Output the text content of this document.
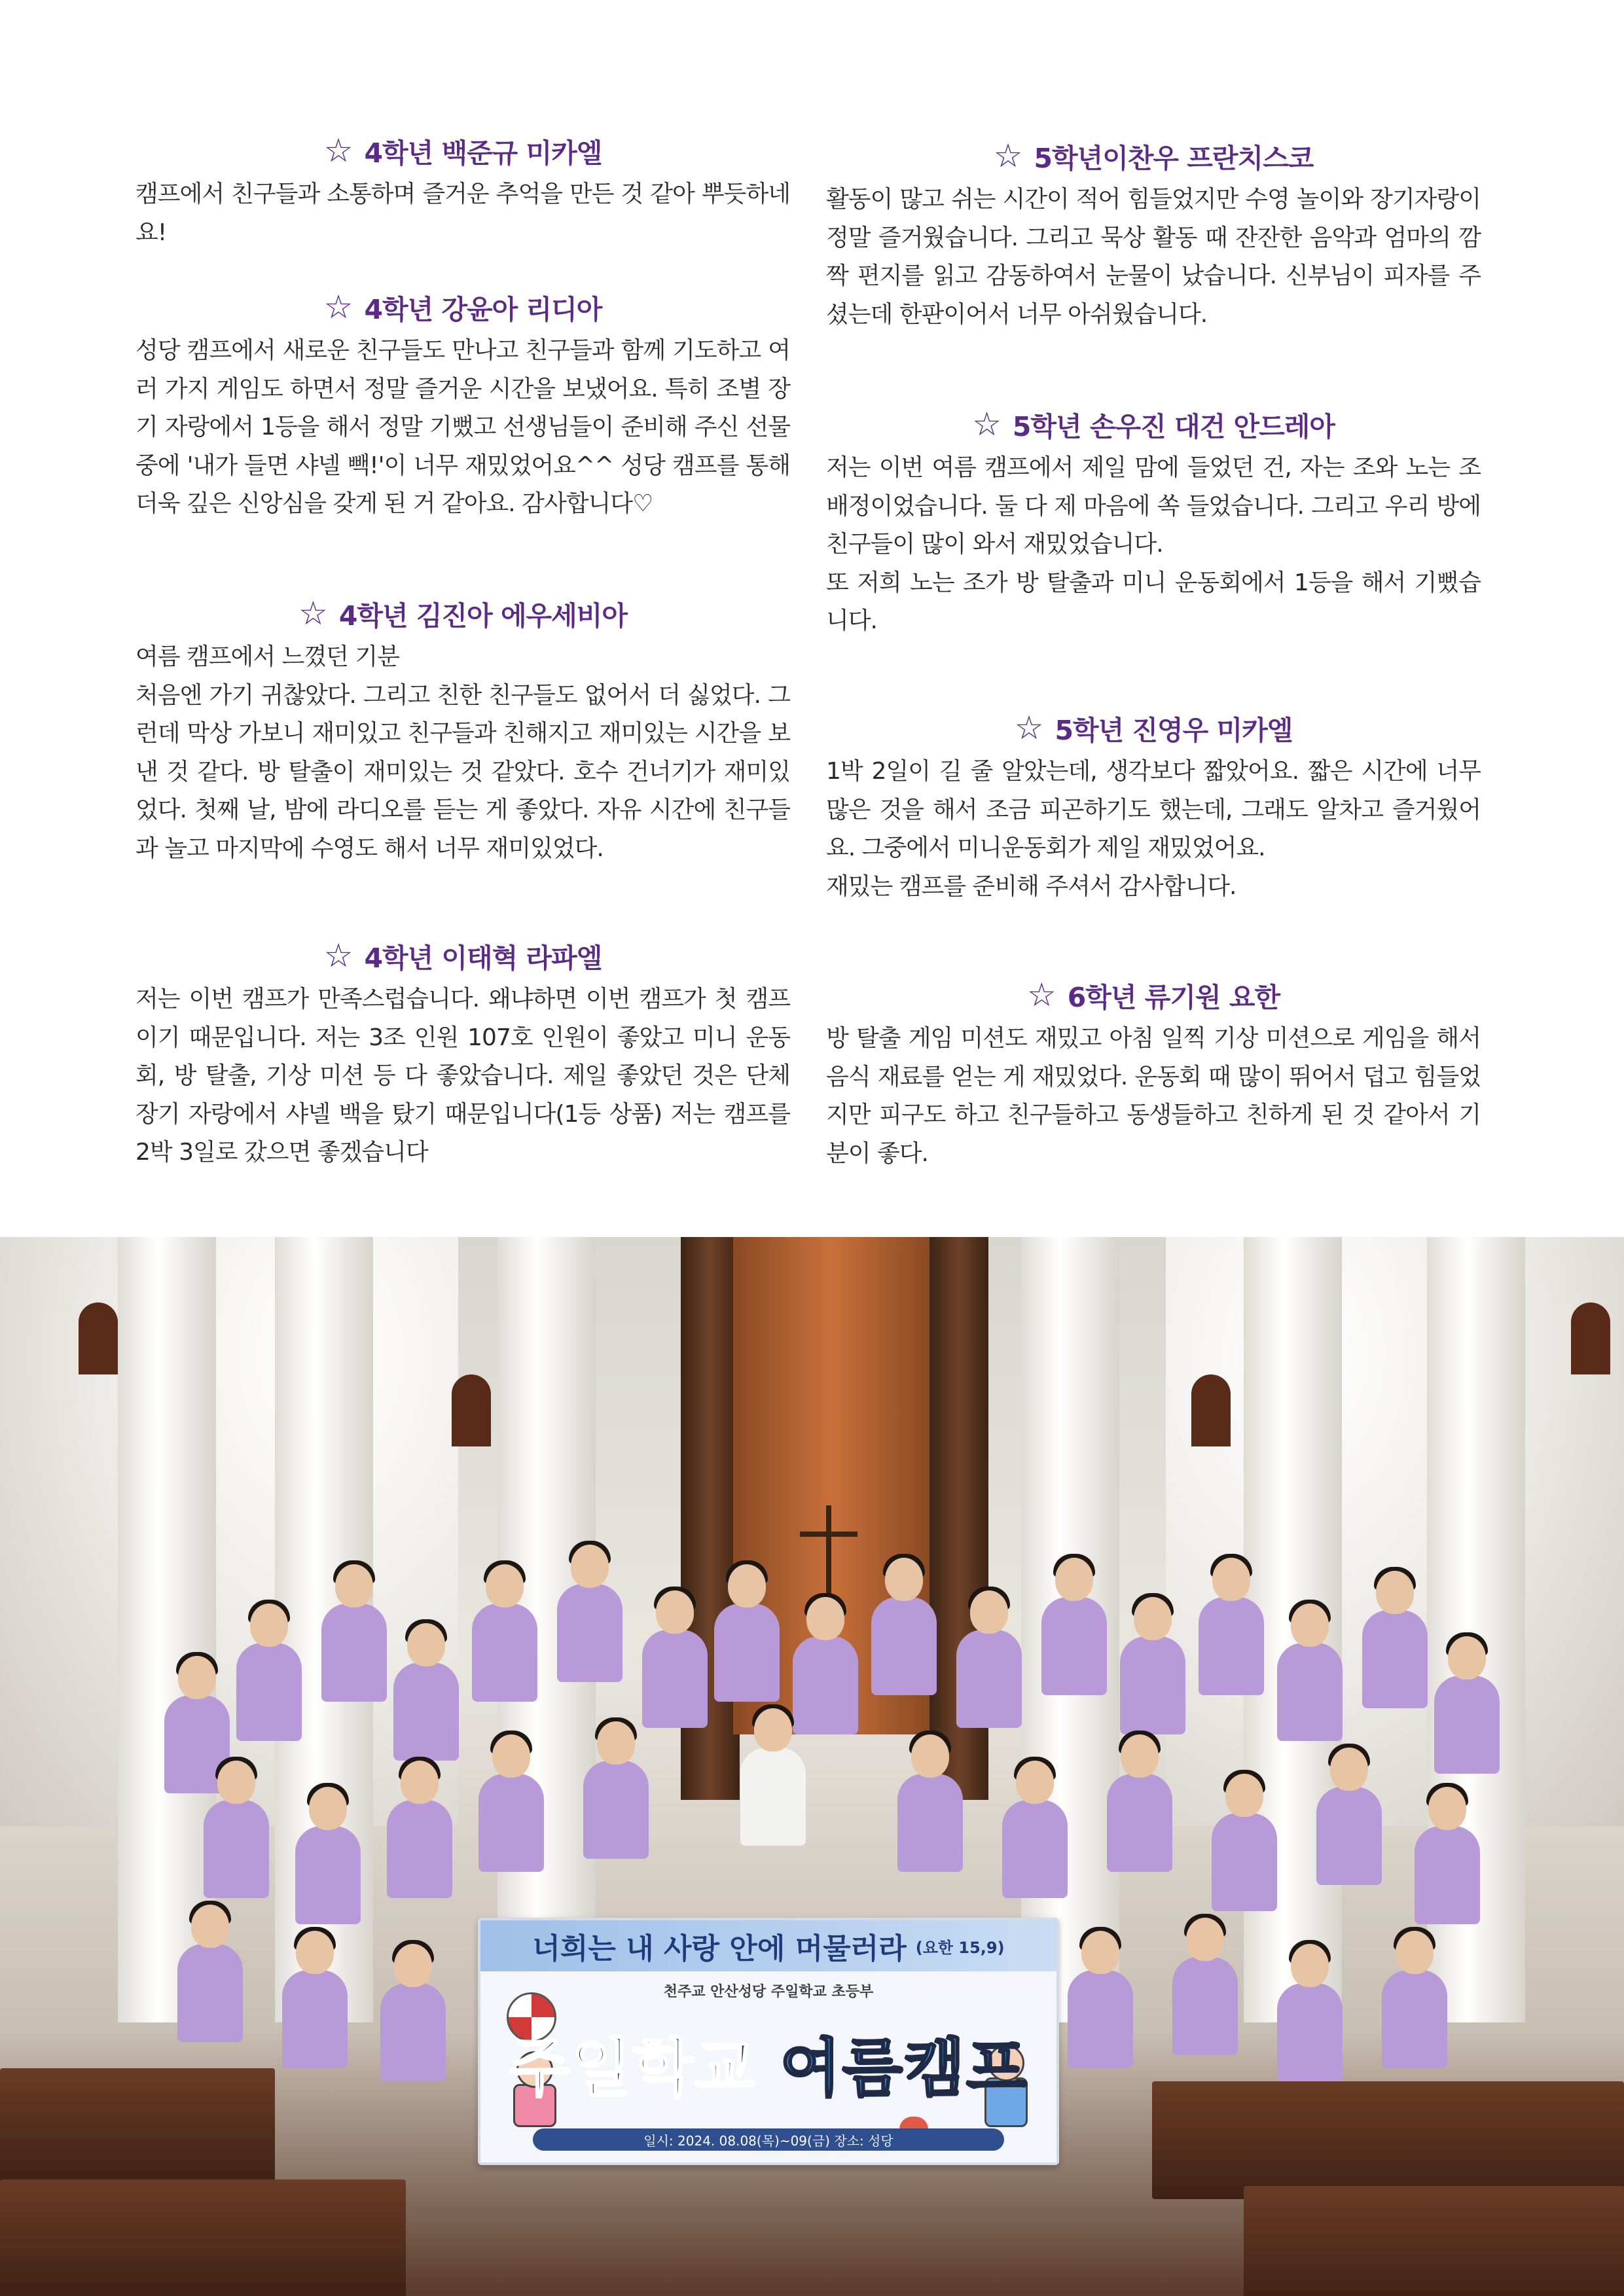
☆ 4학년 백준규 미카엘

캠프에서 친구들과 소통하며 즐거운 추억을 만든 것 같아 뿌듯하네요!

☆ 4학년 강윤아 리디아

성당 캠프에서 새로운 친구들도 만나고 친구들과 함께 기도하고 여러 가지 게임도 하면서 정말 즐거운 시간을 보냈어요. 특히 조별 장기 자랑에서 1등을 해서 정말 기뻤고 선생님들이 준비해 주신 선물 중에 '내가 들면 샤넬 빽!'이 너무 재밌었어요^^ 성당 캠프를 통해 더욱 깊은 신앙심을 갖게 된 거 같아요. 감사합니다♡

☆ 4학년 김진아 에우세비아

여름 캠프에서 느꼈던 기분

처음엔 가기 귀찮았다. 그리고 친한 친구들도 없어서 더 싫었다. 그런데 막상 가보니 재미있고 친구들과 친해지고 재미있는 시간을 보낸 것 같다. 방 탈출이 재미있는 것 같았다. 호수 건너기가 재미있었다. 첫째 날, 밤에 라디오를 듣는 게 좋았다. 자유 시간에 친구들과 놀고 마지막에 수영도 해서 너무 재미있었다.

☆ 4학년 이태혁 라파엘

저는 이번 캠프가 만족스럽습니다. 왜냐하면 이번 캠프가 첫 캠프이기 때문입니다. 저는 3조 인원 107호 인원이 좋았고 미니 운동회, 방 탈출, 기상 미션 등 다 좋았습니다. 제일 좋았던 것은 단체 장기 자랑에서 샤넬 백을 탔기 때문입니다(1등 상품) 저는 캠프를 2박 3일로 갔으면 좋겠습니다

☆ 5학년이찬우 프란치스코

활동이 많고 쉬는 시간이 적어 힘들었지만 수영 놀이와 장기자랑이 정말 즐거웠습니다. 그리고 묵상 활동 때 잔잔한 음악과 엄마의 깜짝 편지를 읽고 감동하여서 눈물이 났습니다. 신부님이 피자를 주셨는데 한판이어서 너무 아쉬웠습니다.

☆ 5학년 손우진 대건 안드레아

저는 이번 여름 캠프에서 제일 맘에 들었던 건, 자는 조와 노는 조 배정이었습니다. 둘 다 제 마음에 쏙 들었습니다. 그리고 우리 방에 친구들이 많이 와서 재밌었습니다.

또 저희 노는 조가 방 탈출과 미니 운동회에서 1등을 해서 기뻤습니다.

☆ 5학년 진영우 미카엘

1박 2일이 길 줄 알았는데, 생각보다 짧았어요. 짧은 시간에 너무 많은 것을 해서 조금 피곤하기도 했는데, 그래도 알차고 즐거웠어요. 그중에서 미니운동회가 제일 재밌었어요.

재밌는 캠프를 준비해 주셔서 감사합니다.

☆ 6학년 류기원 요한

방 탈출 게임 미션도 재밌고 아침 일찍 기상 미션으로 게임을 해서 음식 재료를 얻는 게 재밌었다. 운동회 때 많이 뛰어서 덥고 힘들었지만 피구도 하고 친구들하고 동생들하고 친하게 된 것 같아서 기분이 좋다.

너희는 내 사랑 안에 머물러라 (요한 15,9)
천주교 안산성당 주일학교 초등부
주일학교 여름캠프
일시: 2024. 08.08(목)~09(금) 장소: 성당
